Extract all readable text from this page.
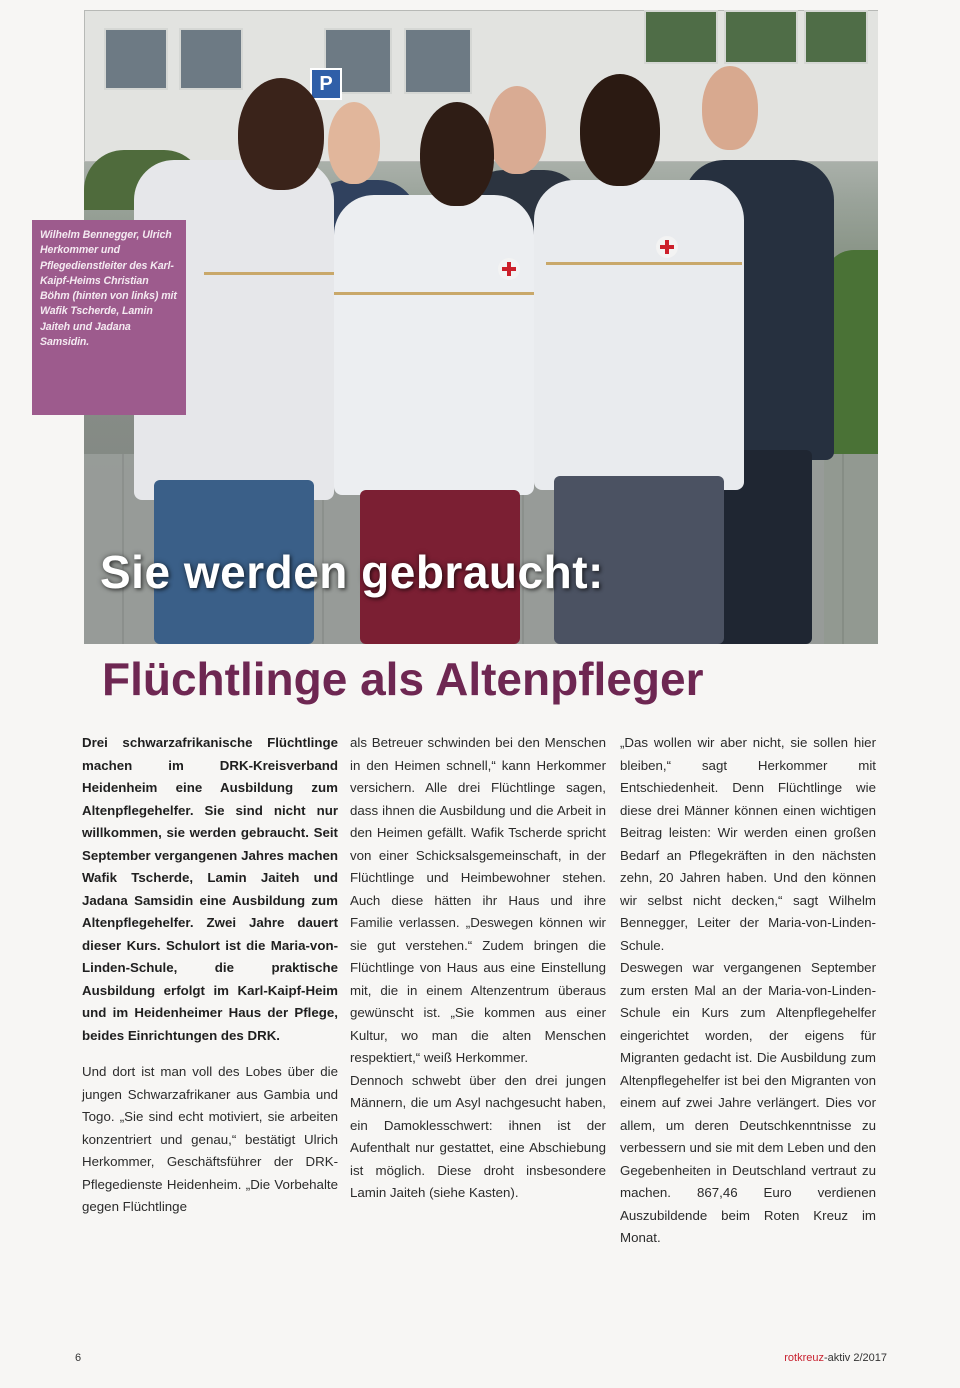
P

Wilhelm Bennegger, Ulrich Herkommer und Pflegedienstleiter des Karl-Kaipf-Heims Christian Böhm (hinten von links) mit Wafik Tscherde, Lamin Jaiteh und Jadana Samsidin.

Sie werden gebraucht:
Flüchtlinge als Altenpfleger

Drei schwarzafrikanische Flüchtlinge machen im DRK-Kreisverband Heidenheim eine Ausbildung zum Altenpflegehelfer. Sie sind nicht nur willkommen, sie werden gebraucht. Seit September vergangenen Jahres machen Wafik Tscherde, Lamin Jaiteh und Jadana Samsidin eine Ausbildung zum Altenpflegehelfer. Zwei Jahre dauert dieser Kurs. Schulort ist die Maria-von-Linden-Schule, die praktische Ausbildung erfolgt im Karl-Kaipf-Heim und im Heidenheimer Haus der Pflege, beides Einrichtungen des DRK.

Und dort ist man voll des Lobes über die jungen Schwarzafrikaner aus Gambia und Togo. „Sie sind echt motiviert, sie arbeiten konzentriert und genau,“ bestätigt Ulrich Herkommer, Geschäftsführer der DRK-Pflegedienste Heidenheim. „Die Vorbehalte gegen Flüchtlinge

als Betreuer schwinden bei den Menschen in den Heimen schnell,“ kann Herkommer versichern. Alle drei Flüchtlinge sagen, dass ihnen die Ausbildung und die Arbeit in den Heimen gefällt. Wafik Tscherde spricht von einer Schicksalsgemeinschaft, in der Flüchtlinge und Heimbewohner stehen. Auch diese hätten ihr Haus und ihre Familie verlassen. „Deswegen können wir sie gut verstehen.“ Zudem bringen die Flüchtlinge von Haus aus eine Einstellung mit, die in einem Altenzentrum überaus gewünscht ist. „Sie kommen aus einer Kultur, wo man die alten Menschen respektiert,“ weiß Herkommer.

Dennoch schwebt über den drei jungen Männern, die um Asyl nachgesucht haben, ein Damoklesschwert: ihnen ist der Aufenthalt nur gestattet, eine Abschiebung ist möglich. Diese droht insbesondere Lamin Jaiteh (siehe Kasten).

„Das wollen wir aber nicht, sie sollen hier bleiben,“ sagt Herkommer mit Entschiedenheit. Denn Flüchtlinge wie diese drei Männer können einen wichtigen Beitrag leisten: Wir werden einen großen Bedarf an Pflegekräften in den nächsten zehn, 20 Jahren haben. Und den können wir selbst nicht decken,“ sagt Wilhelm Bennegger, Leiter der Maria-von-Linden-Schule.

Deswegen war vergangenen September zum ersten Mal an der Maria-von-Linden-Schule ein Kurs zum Altenpflegehelfer eingerichtet worden, der eigens für Migranten gedacht ist. Die Ausbildung zum Altenpflegehelfer ist bei den Migranten von einem auf zwei Jahre verlängert. Dies vor allem, um deren Deutschkenntnisse zu verbessern und sie mit dem Leben und den Gegebenheiten in Deutschland vertraut zu machen. 867,46 Euro verdienen Auszubildende beim Roten Kreuz im Monat.

6	rotkreuz-aktiv 2/2017
